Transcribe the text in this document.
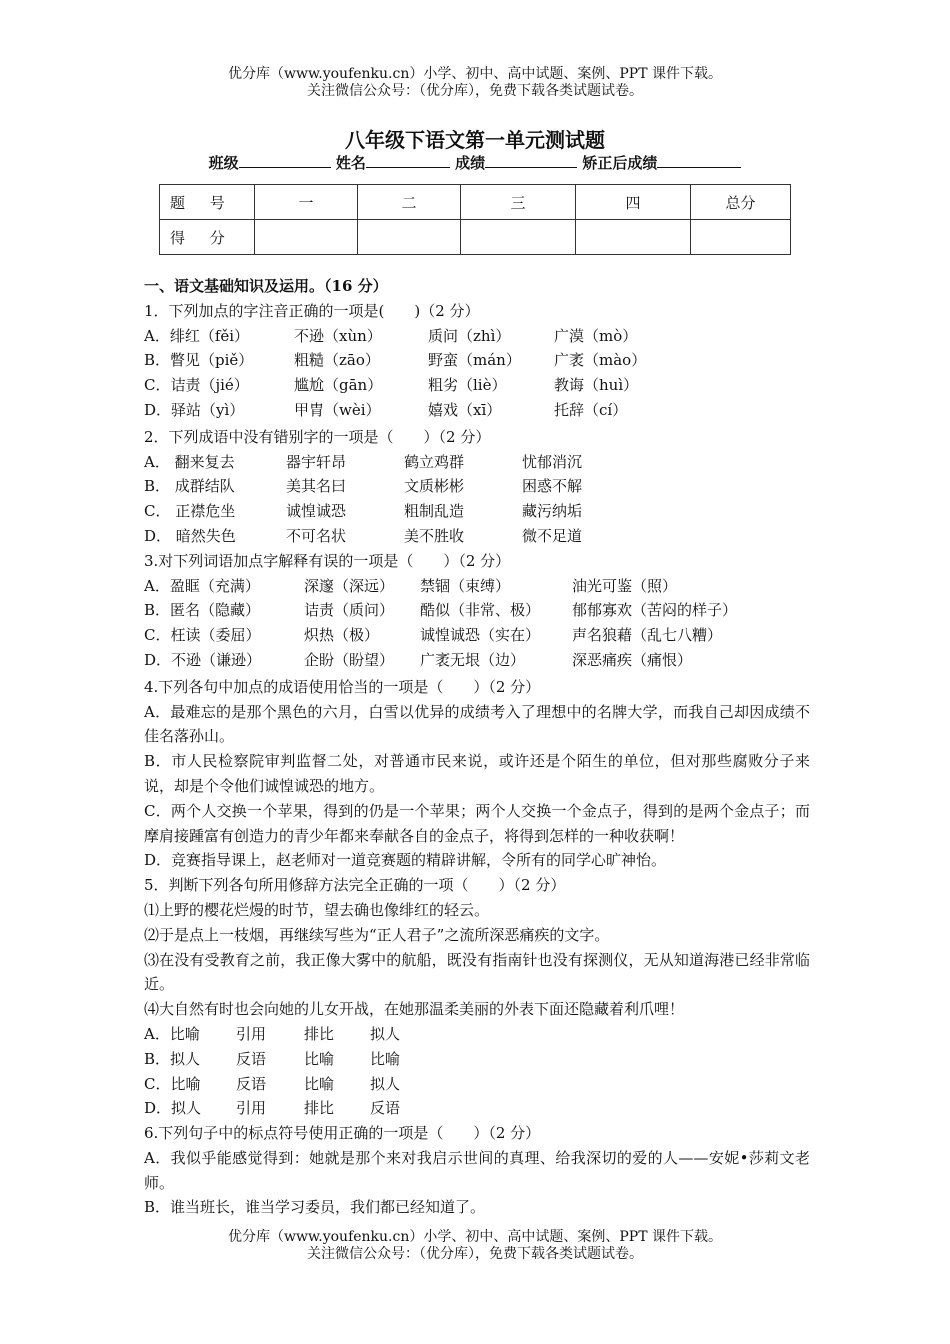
优分库（www.youfenku.cn）小学、初中、高中试题、案例、PPT 课件下载。
关注微信公众号：（优分库），免费下载各类试题试卷。
八年级下语文第一单元测试题
班级	姓名	成绩	矫正后成绩
题 号	一	二	三	四	总分
得 分					
一、语文基础知识及运用。（16 分）
1．下列加点的字注音正确的一项是(　　)（2 分）
A．绯红（fěi）	不逊（xùn）	质问（zhì）	广漠（mò）
B．瞥见（piě）	粗糙（zāo）	野蛮（mán） 广袤（mào）
C．诘责（jié）	尴尬（gān）	粗劣（liè）	教诲（huì）
D．驿站（yì）	甲胄（wèi）	嬉戏（xī）	托辞（cí）
2．下列成语中没有错别字的一项是（　　）（2 分）
A． 翻来复去	器宇轩昂	鹤立鸡群	忧郁消沉
B． 成群结队	美其名曰	文质彬彬	困惑不解
C． 正襟危坐	诚惶诚恐	粗制乱造	藏污纳垢
D． 暗然失色	不可名状	美不胜收	微不足道
3.对下列词语加点字解释有误的一项是（　　）（2 分）
A．盈眶（充满）	深邃（深远） 禁锢（束缚）	油光可鉴（照）
B．匿名（隐藏）	诘责（质问） 酷似（非常、极） 郁郁寡欢（苦闷的样子）
C．枉读（委屈）	炽热（极）	诚惶诚恐（实在） 声名狼藉（乱七八糟）
D．不逊（谦逊）	企盼（盼望） 广袤无垠（边）	深恶痛疾（痛恨）
4.下列各句中加点的成语使用恰当的一项是（　　）（2 分）
A．最难忘的是那个黑色的六月，白雪以优异的成绩考入了理想中的名牌大学，而我自己却因成绩不佳名落孙山。
B．市人民检察院审判监督二处，对普通市民来说，或许还是个陌生的单位，但对那些腐败分子来说，却是个令他们诚惶诚恐的地方。
C．两个人交换一个苹果，得到的仍是一个苹果；两个人交换一个金点子，得到的是两个金点子；而摩肩接踵富有创造力的青少年都来奉献各自的金点子，将得到怎样的一种收获啊！
D．竞赛指导课上，赵老师对一道竞赛题的精辟讲解，令所有的同学心旷神怡。
5．判断下列各句所用修辞方法完全正确的一项（　　）（2 分）
⑴上野的樱花烂熳的时节，望去确也像绯红的轻云。
⑵于是点上一枝烟，再继续写些为“正人君子”之流所深恶痛疾的文字。
⑶在没有受教育之前，我正像大雾中的航船，既没有指南针也没有探测仪，无从知道海港已经非常临近。
⑷大自然有时也会向她的儿女开战，在她那温柔美丽的外表下面还隐藏着利爪哩！
A．比喻 引用	排比 拟人
B．拟人 反语	比喻 比喻
C．比喻 反语	比喻 拟人
D．拟人 引用	排比 反语
6.下列句子中的标点符号使用正确的一项是（　　）（2 分）
A．我似乎能感觉得到：她就是那个来对我启示世间的真理、给我深切的爱的人——安妮•莎莉文老师。
B．谁当班长，谁当学习委员，我们都已经知道了。
优分库（www.youfenku.cn）小学、初中、高中试题、案例、PPT 课件下载。
关注微信公众号：（优分库），免费下载各类试题试卷。
